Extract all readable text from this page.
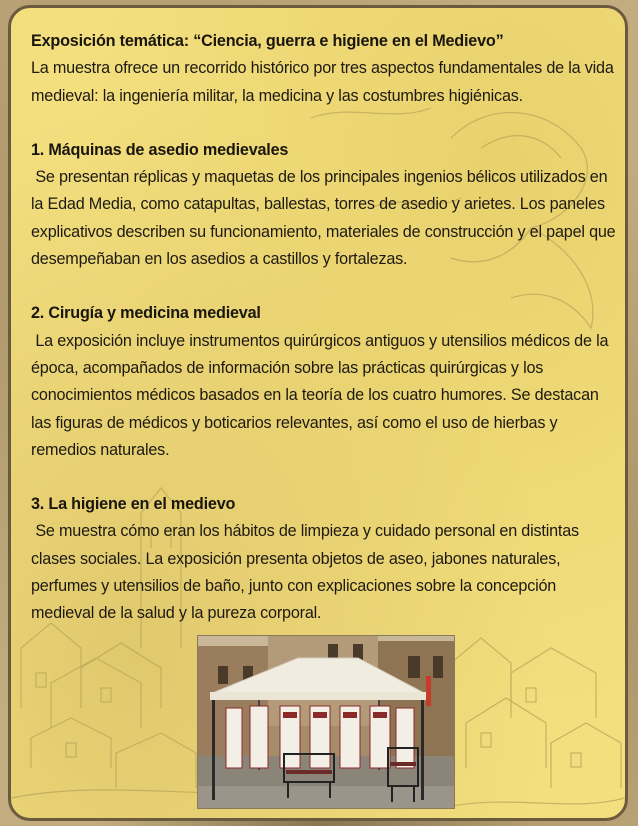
Exposición temática: “Ciencia, guerra e higiene en el Medievo”

La muestra ofrece un recorrido histórico por tres aspectos fundamentales de la vida medieval: la ingeniería militar, la medicina y las costumbres higiénicas.

1. Máquinas de asedio medievales

Se presentan réplicas y maquetas de los principales ingenios bélicos utilizados en la Edad Media, como catapultas, ballestas, torres de asedio y arietes. Los paneles explicativos describen su funcionamiento, materiales de construcción y el papel que desempeñaban en los asedios a castillos y fortalezas.

2. Cirugía y medicina medieval

La exposición incluye instrumentos quirúrgicos antiguos y utensilios médicos de la época, acompañados de información sobre las prácticas quirúrgicas y los conocimientos médicos basados en la teoría de los cuatro humores. Se destacan las figuras de médicos y boticarios relevantes, así como el uso de hierbas y remedios naturales.

3. La higiene en el medievo

Se muestra cómo eran los hábitos de limpieza y cuidado personal en distintas clases sociales. La exposición presenta objetos de aseo, jabones naturales, perfumes y utensilios de baño, junto con explicaciones sobre la concepción medieval de la salud y la pureza corporal.
